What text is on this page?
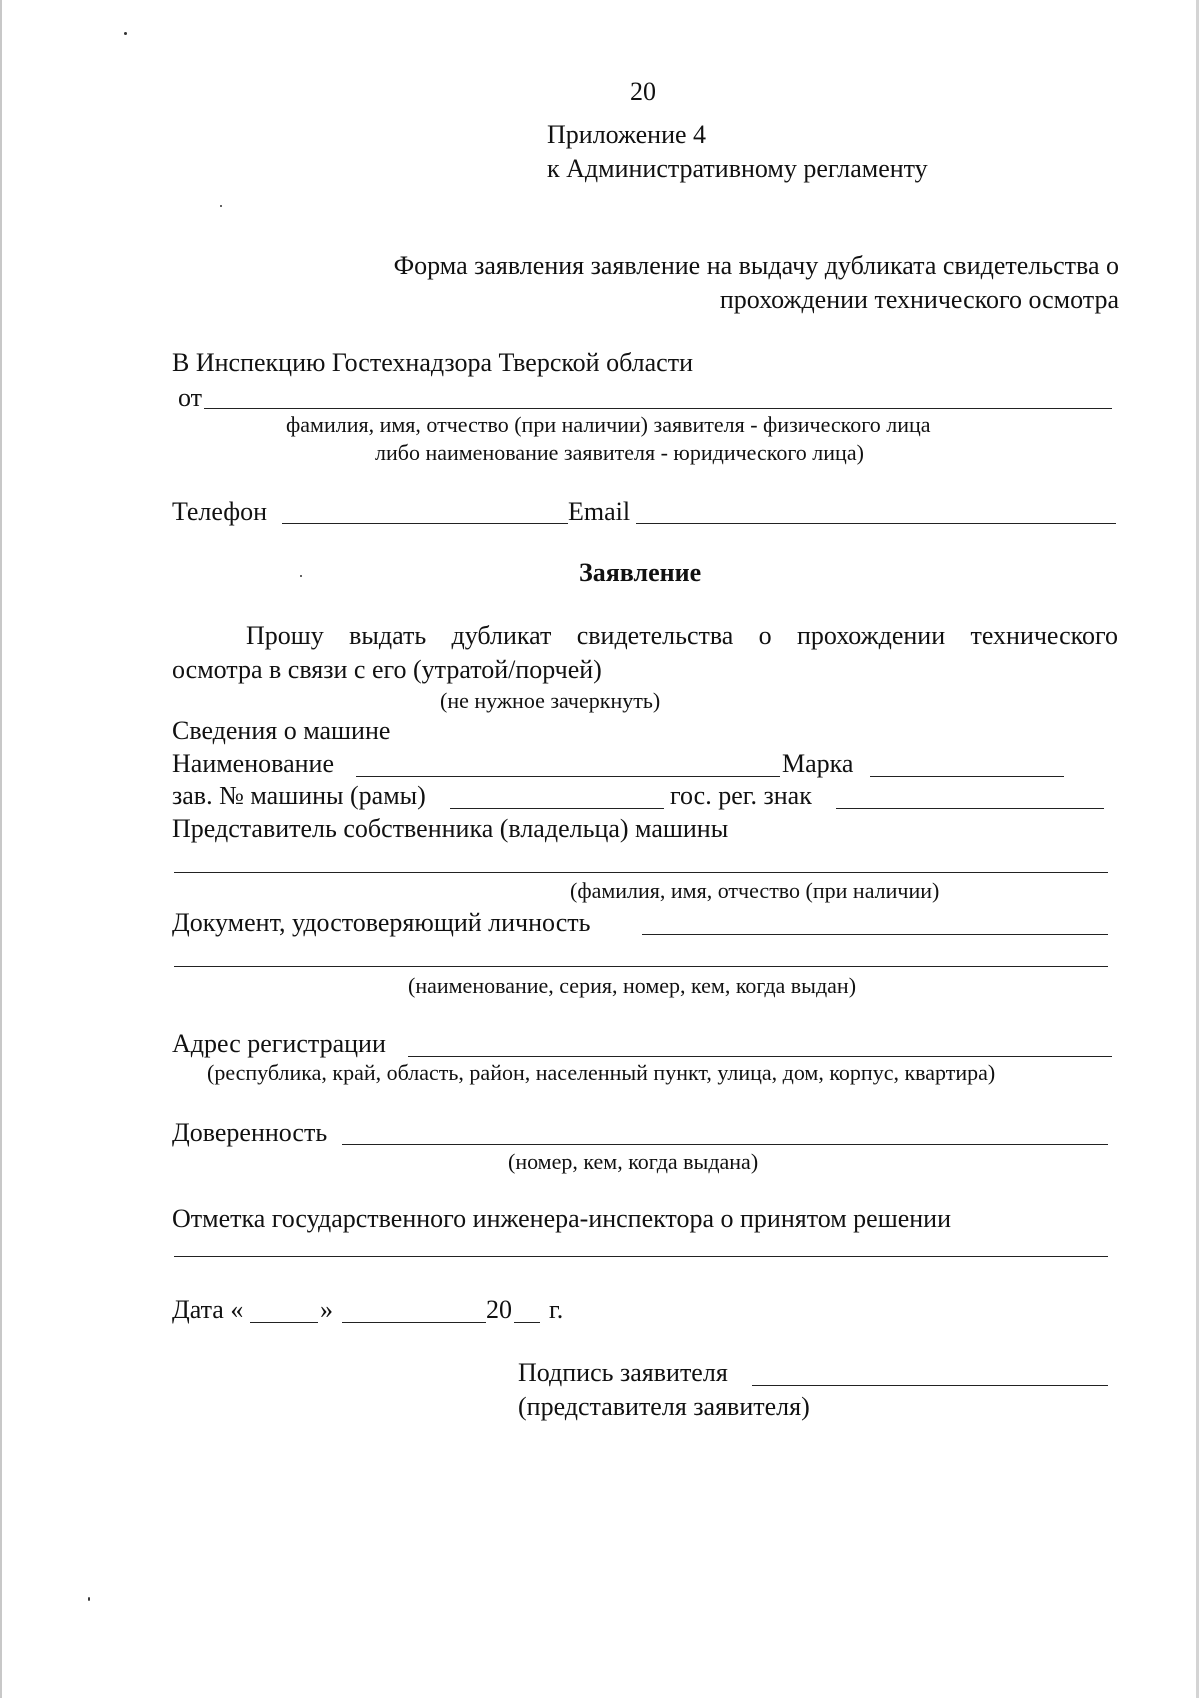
20
Приложение 4
к Административному регламенту
Форма заявления заявление на выдачу дубликата свидетельства о
прохождении технического осмотра
В Инспекцию Гостехнадзора Тверской области
от
фамилия, имя, отчество (при наличии) заявителя - физического лица
либо наименование заявителя - юридического лица)
Телефон	Email
Заявление
Прошу выдать дубликат свидетельства о прохождении технического
осмотра в связи с его (утратой/порчей)
(не нужное зачеркнуть)
Сведения о машине
Наименование	Марка
зав. № машины (рамы)	гос. рег. знак
Представитель собственника (владельца) машины
(фамилия, имя, отчество (при наличии)
Документ, удостоверяющий личность
(наименование, серия, номер, кем, когда выдан)
Адрес регистрации
(республика, край, область, район, населенный пункт, улица, дом, корпус, квартира)
Доверенность
(номер, кем, когда выдана)
Отметка государственного инженера-инспектора о принятом решении
Дата «	»	20 г.
Подпись заявителя
(представителя заявителя)
